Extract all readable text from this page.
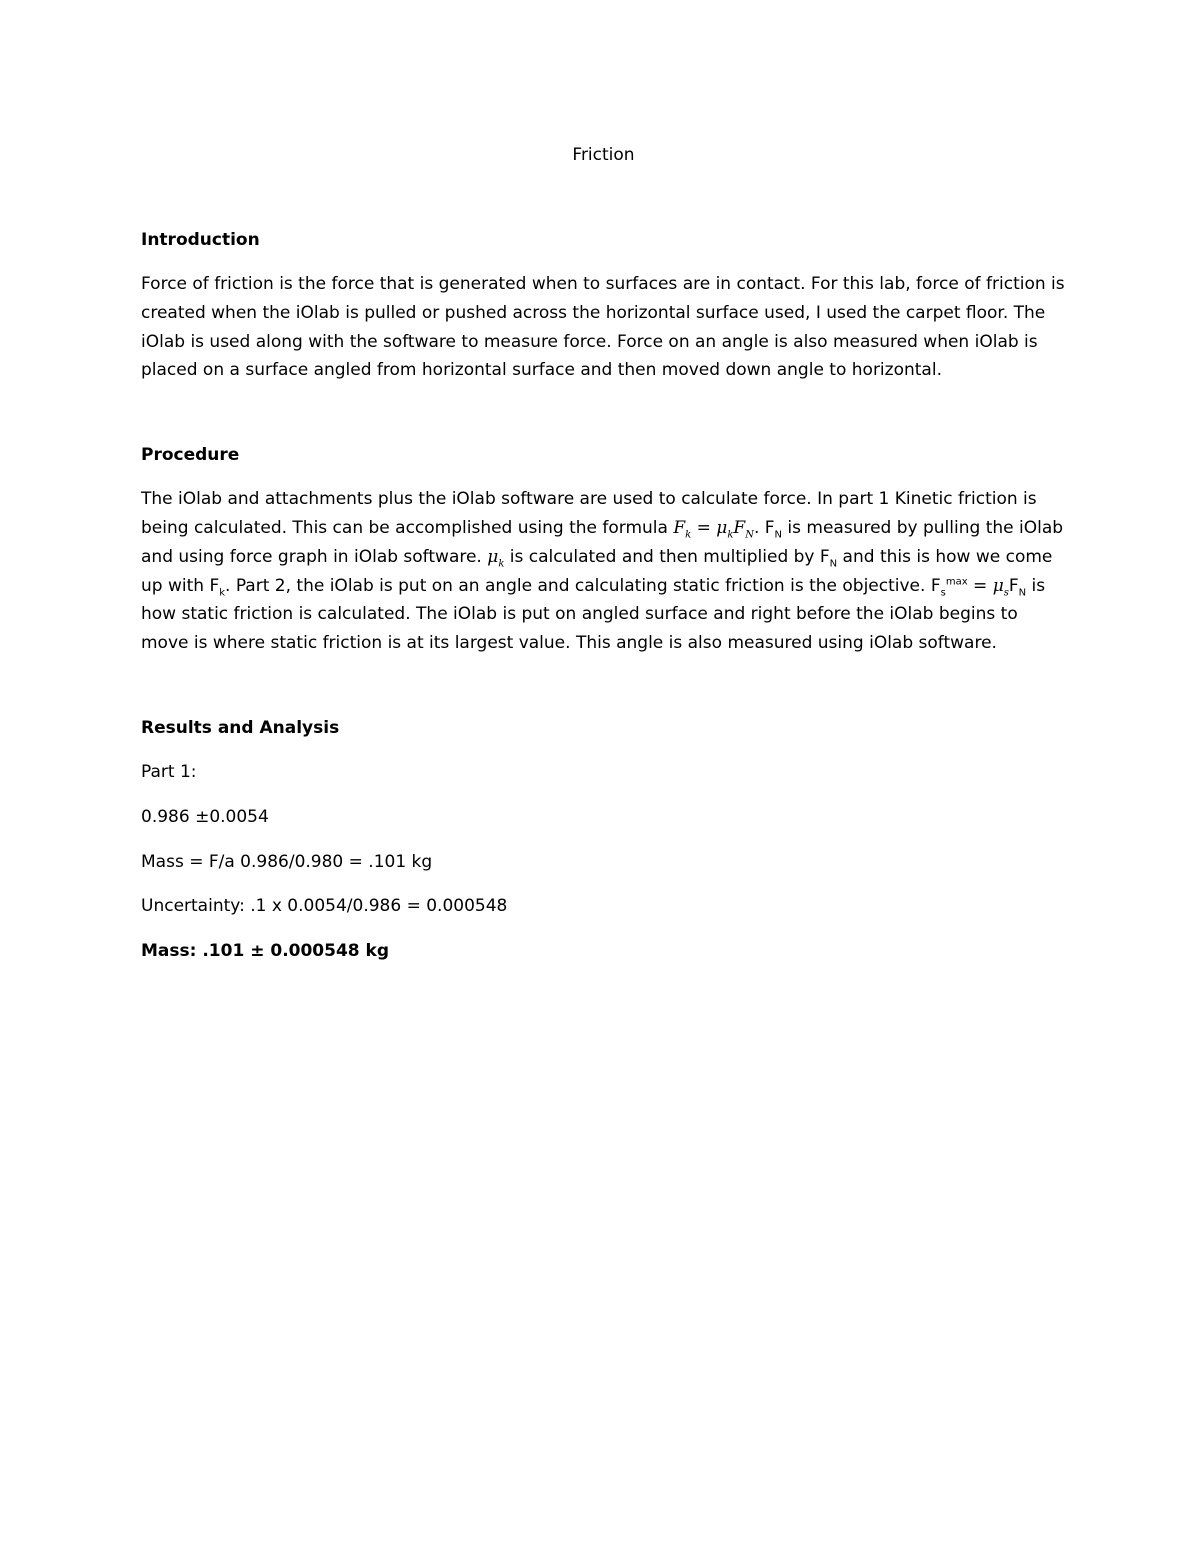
Friction
Introduction

Force of friction is the force that is generated when to surfaces are in contact. For this lab, force of friction is created when the iOlab is pulled or pushed across the horizontal surface used, I used the carpet floor. The iOlab is used along with the software to measure force. Force on an angle is also measured when iOlab is placed on a surface angled from horizontal surface and then moved down angle to horizontal.

Procedure

The iOlab and attachments plus the iOlab software are used to calculate force. In part 1 Kinetic friction is being calculated. This can be accomplished using the formula $F_k = \mu_kF_N$. $F_N$ is measured by pulling the iOlab and using force graph in iOlab software. $\mu_k$ is calculated and then multiplied by $F_N$ and this is how we come up with $F_k$. Part 2, the iOlab is put on an angle and calculating static friction is the objective. $F_s^{max} = \mu_sF_N$ is how static friction is calculated. The iOlab is put on angled surface and right before the iOlab begins to move is where static friction is at its largest value. This angle is also measured using iOlab software.

Results and Analysis

Part 1:

0.986 ±0.0054

Mass = F/a 0.986/0.980 = .101 kg

Uncertainty: .1 x 0.0054/0.986 = 0.000548

Mass: .101 ± 0.000548 kg
